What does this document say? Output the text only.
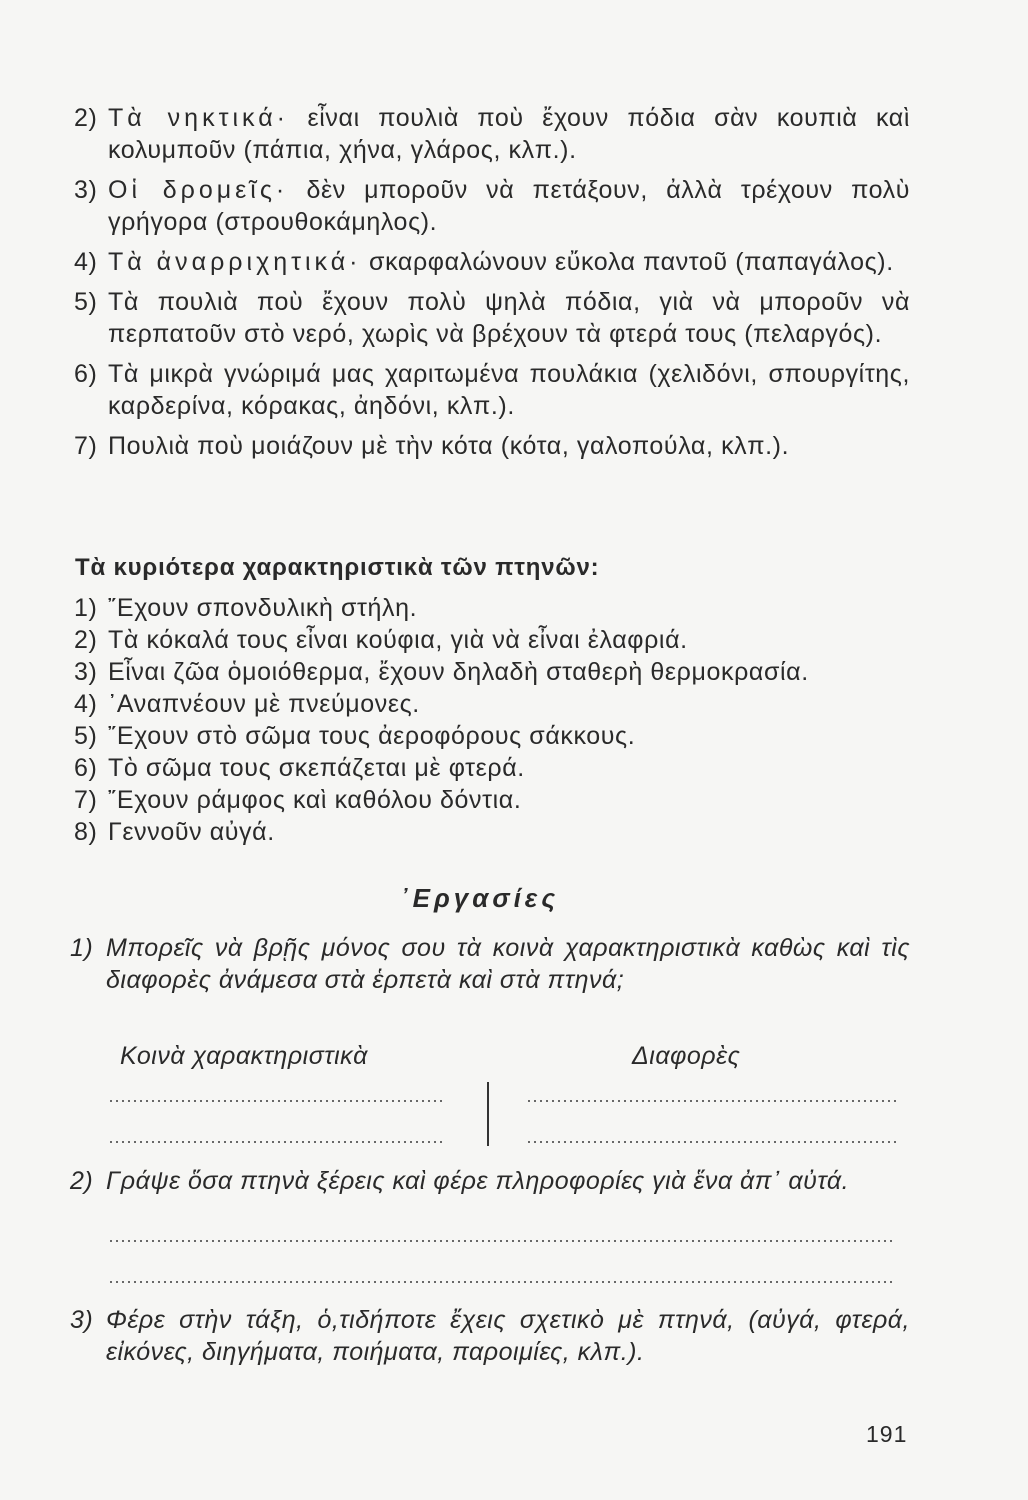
2) Τὰ νηκτικά· εἶναι πουλιὰ ποὺ ἔχουν πόδια σὰν κουπιὰ καὶ κολυμποῦν (πάπια, χήνα, γλάρος, κλπ.).
3) Οἱ δρομεῖς· δὲν μποροῦν νὰ πετάξουν, ἀλλὰ τρέχουν πολὺ γρήγορα (στρουθοκάμηλος).
4) Τὰ ἀναρριχητικά· σκαρφαλώνουν εὔκολα παντοῦ (παπαγάλος).
5) Τὰ πουλιὰ ποὺ ἔχουν πολὺ ψηλὰ πόδια, γιὰ νὰ μποροῦν νὰ περπατοῦν στὸ νερό, χωρὶς νὰ βρέχουν τὰ φτερά τους (πελαργός).
6) Τὰ μικρὰ γνώριμά μας χαριτωμένα πουλάκια (χελιδόνι, σπουργίτης, καρδερίνα, κόρακας, ἀηδόνι, κλπ.).
7) Πουλιὰ ποὺ μοιάζουν μὲ τὴν κότα (κότα, γαλοπούλα, κλπ.).
Τὰ κυριότερα χαρακτηριστικὰ τῶν πτηνῶν:
1) ῎Εχουν σπονδυλικὴ στήλη.
2) Τὰ κόκαλά τους εἶναι κούφια, γιὰ νὰ εἶναι ἐλαφριά.
3) Εἶναι ζῶα ὁμοιόθερμα, ἔχουν δηλαδὴ σταθερὴ θερμοκρασία.
4) ᾿Αναπνέουν μὲ πνεύμονες.
5) ῎Εχουν στὸ σῶμα τους ἀεροφόρους σάκκους.
6) Τὸ σῶμα τους σκεπάζεται μὲ φτερά.
7) ῎Εχουν ράμφος καὶ καθόλου δόντια.
8) Γεννοῦν αὐγά.
᾿Εργασίες
1) Μπορεῖς νὰ βρῇς μόνος σου τὰ κοινὰ χαρακτηριστικὰ καθὼς καὶ τὶς διαφορὲς ἀνάμεσα στὰ ἑρπετὰ καὶ στὰ πτηνά;
Κοινὰ χαρακτηριστικὰ	Διαφορὲς
2) Γράψε ὅσα πτηνὰ ξέρεις καὶ φέρε πληροφορίες γιὰ ἕνα ἀπ᾿ αὐτά.
3) Φέρε στὴν τάξη, ὁ,τιδήποτε ἔχεις σχετικὸ μὲ πτηνά, (αὐγά, φτερά, εἰκόνες, διηγήματα, ποιήματα, παροιμίες, κλπ.).
191
